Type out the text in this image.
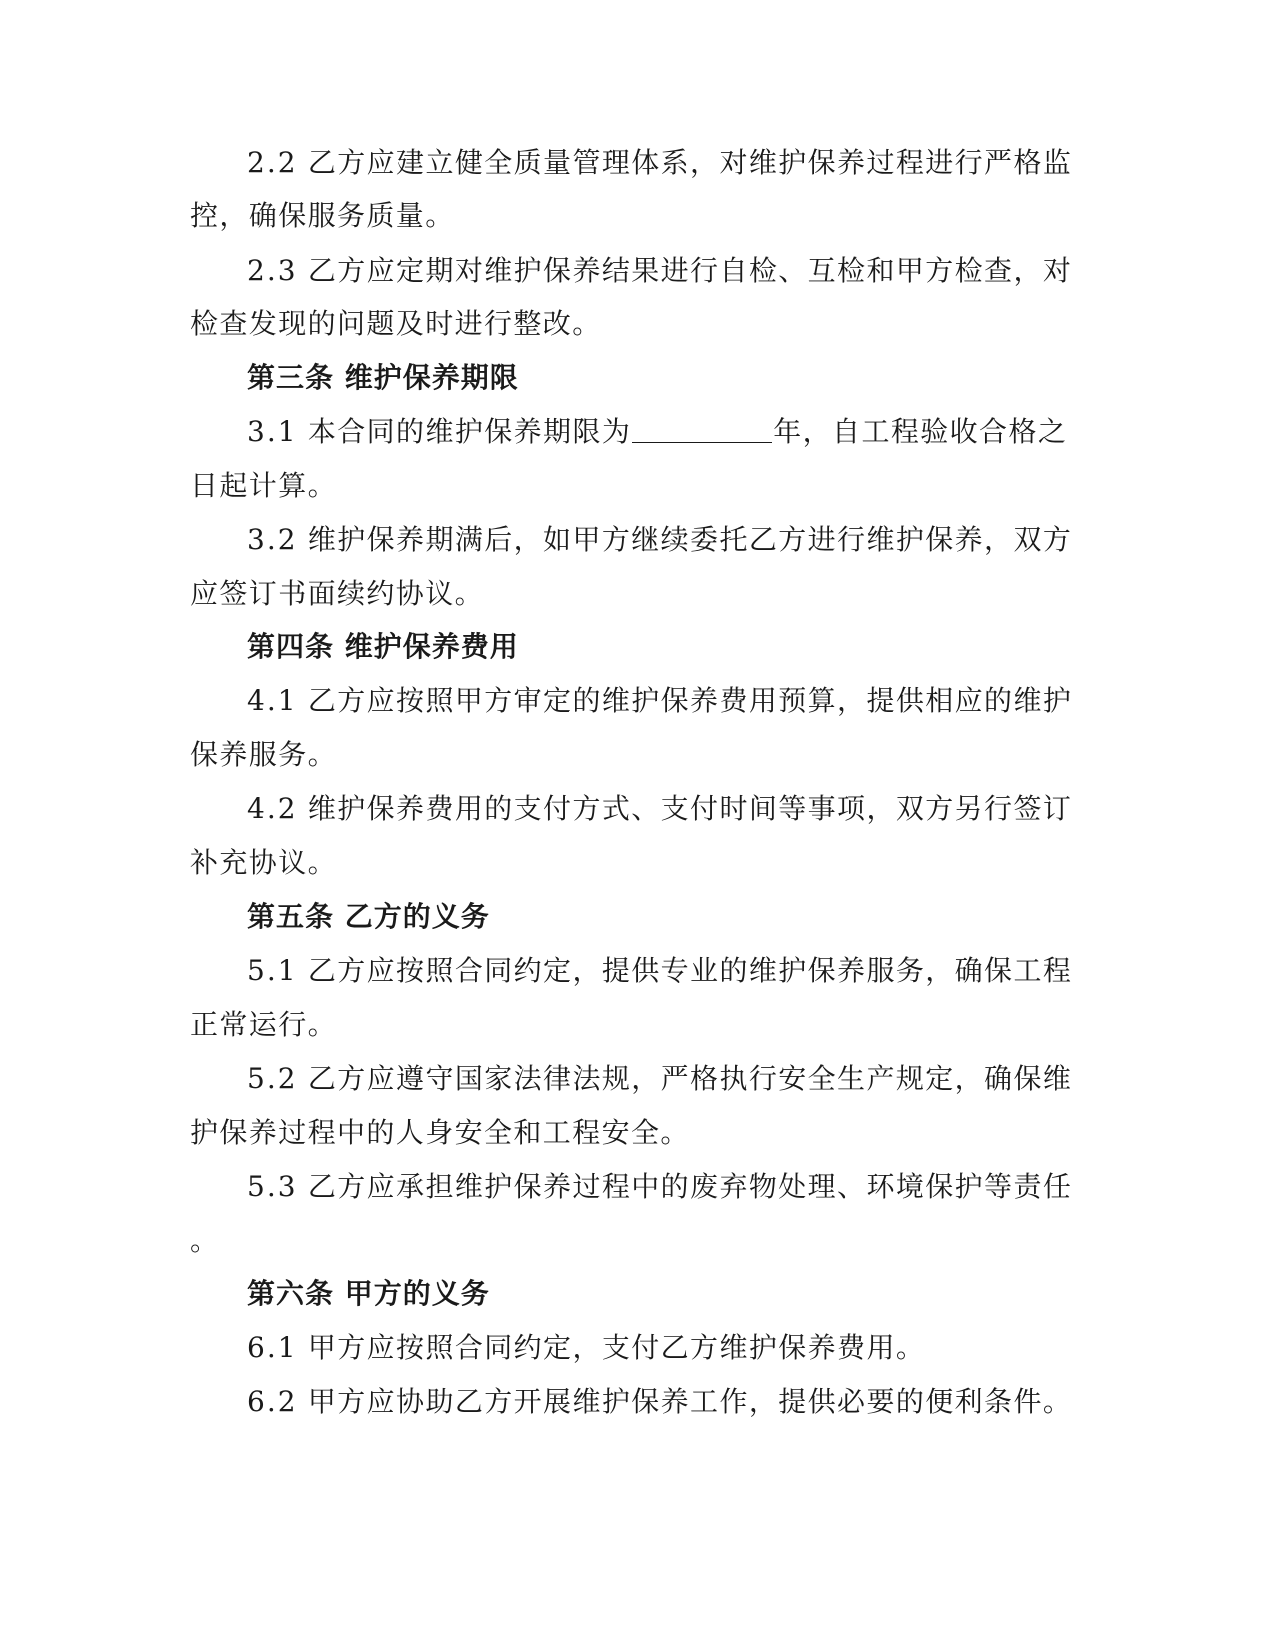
2.2 乙方应建立健全质量管理体系，对维护保养过程进行严格监
控，确保服务质量。
2.3 乙方应定期对维护保养结果进行自检、互检和甲方检查，对
检查发现的问题及时进行整改。
第三条 维护保养期限
3.1 本合同的维护保养期限为	年，自工程验收合格之
日起计算。
3.2 维护保养期满后，如甲方继续委托乙方进行维护保养，双方
应签订书面续约协议。
第四条 维护保养费用
4.1 乙方应按照甲方审定的维护保养费用预算，提供相应的维护
保养服务。
4.2 维护保养费用的支付方式、支付时间等事项，双方另行签订
补充协议。
第五条 乙方的义务
5.1 乙方应按照合同约定，提供专业的维护保养服务，确保工程
正常运行。
5.2 乙方应遵守国家法律法规，严格执行安全生产规定，确保维
护保养过程中的人身安全和工程安全。
5.3 乙方应承担维护保养过程中的废弃物处理、环境保护等责任
。
第六条 甲方的义务
6.1 甲方应按照合同约定，支付乙方维护保养费用。
6.2 甲方应协助乙方开展维护保养工作，提供必要的便利条件。
